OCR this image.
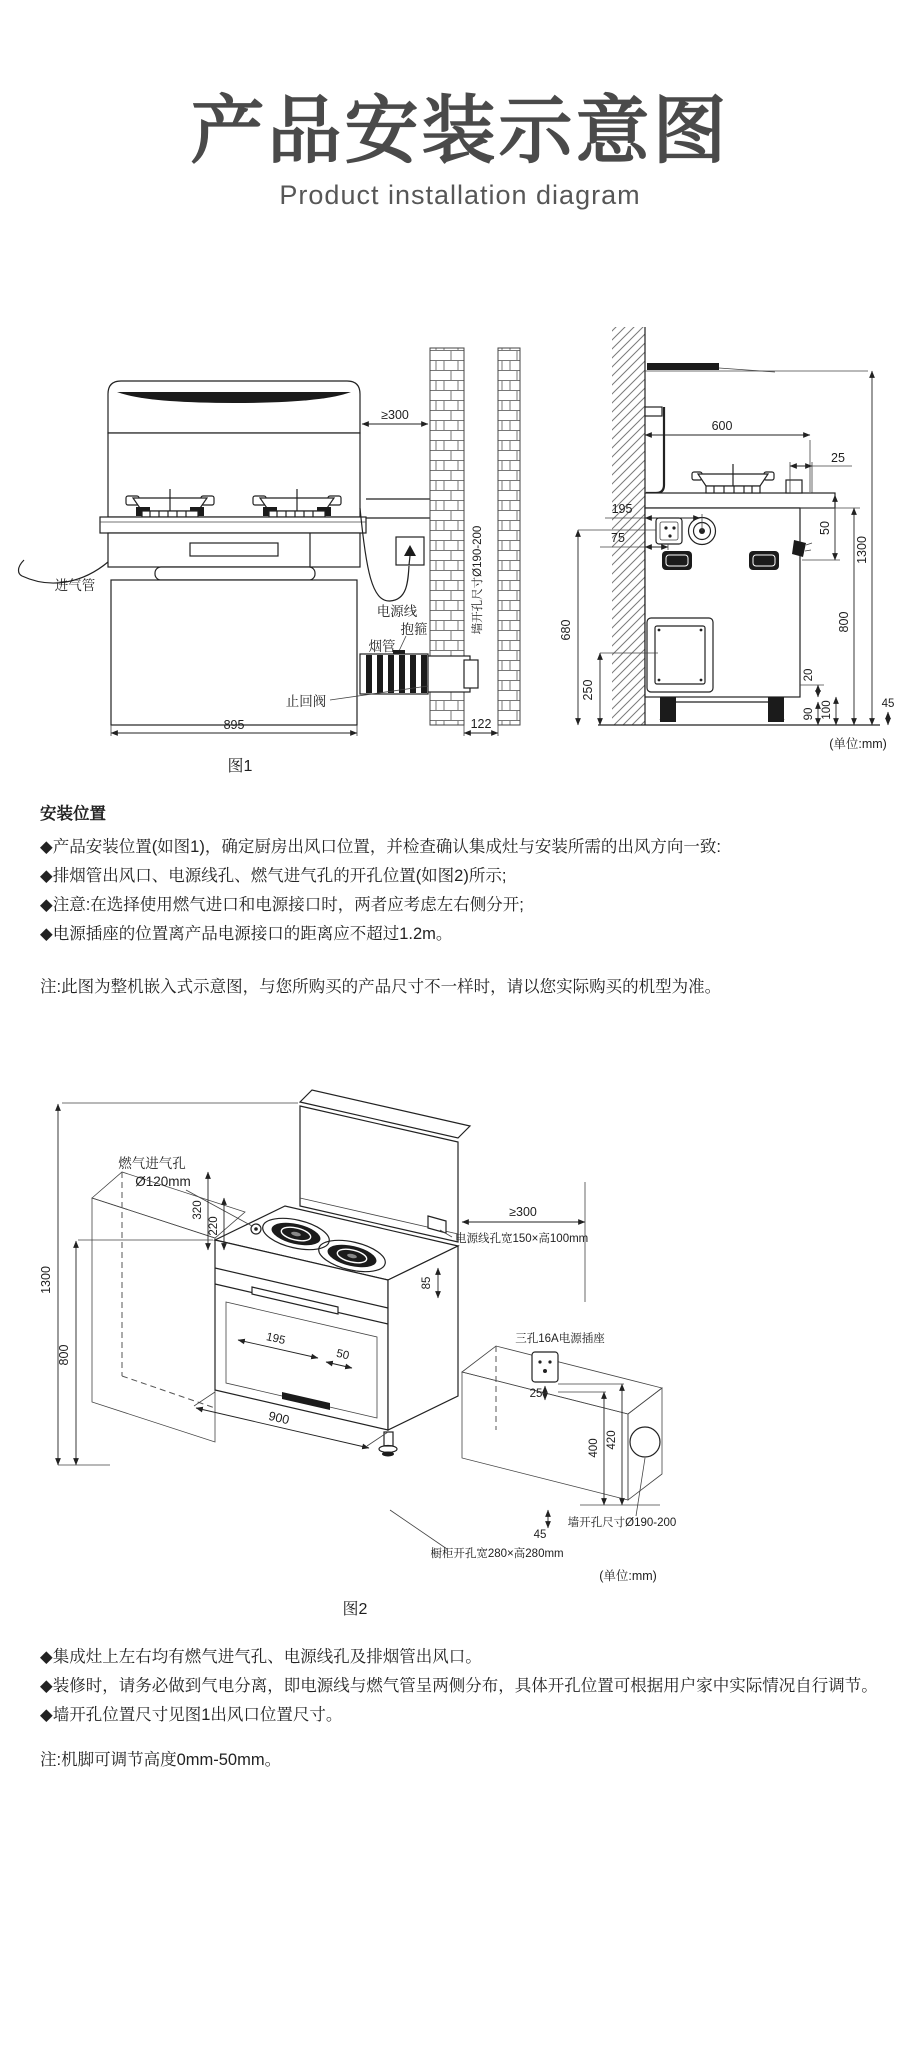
产品安装示意图
Product installation diagram
进气管
电源线
抱箍
烟管
≥300
895
止回阀
墙开孔尺寸Ø190-200
122
600
25
195
75
680
250
50
20
90 100
800
1300
45
(单位:mm)
图1
安装位置

◆产品安装位置(如图1)，确定厨房出风口位置，并检查确认集成灶与安装所需的出风方向一致:

◆排烟管出风口、电源线孔、燃气进气孔的开孔位置(如图2)所示;

◆注意:在选择使用燃气进口和电源接口时，两者应考虑左右侧分开;

◆电源插座的位置离产品电源接口的距离应不超过1.2m。

注:此图为整机嵌入式示意图，与您所购买的产品尺寸不一样时，请以您实际购买的机型为准。

燃气进气孔
Ø120mm
320
220
1300
800
≥300
电源线孔宽150×高100mm
85
三孔16A电源插座
400 420
25
195
50
900
45
橱柜开孔宽280×高280mm
墙开孔尺寸Ø190-200
(单位:mm)
图2

◆集成灶上左右均有燃气进气孔、电源线孔及排烟管出风口。

◆装修时，请务必做到气电分离，即电源线与燃气管呈两侧分布，具体开孔位置可根据用户家中实际情况自行调节。

◆墙开孔位置尺寸见图1出风口位置尺寸。

注:机脚可调节高度0mm-50mm。
